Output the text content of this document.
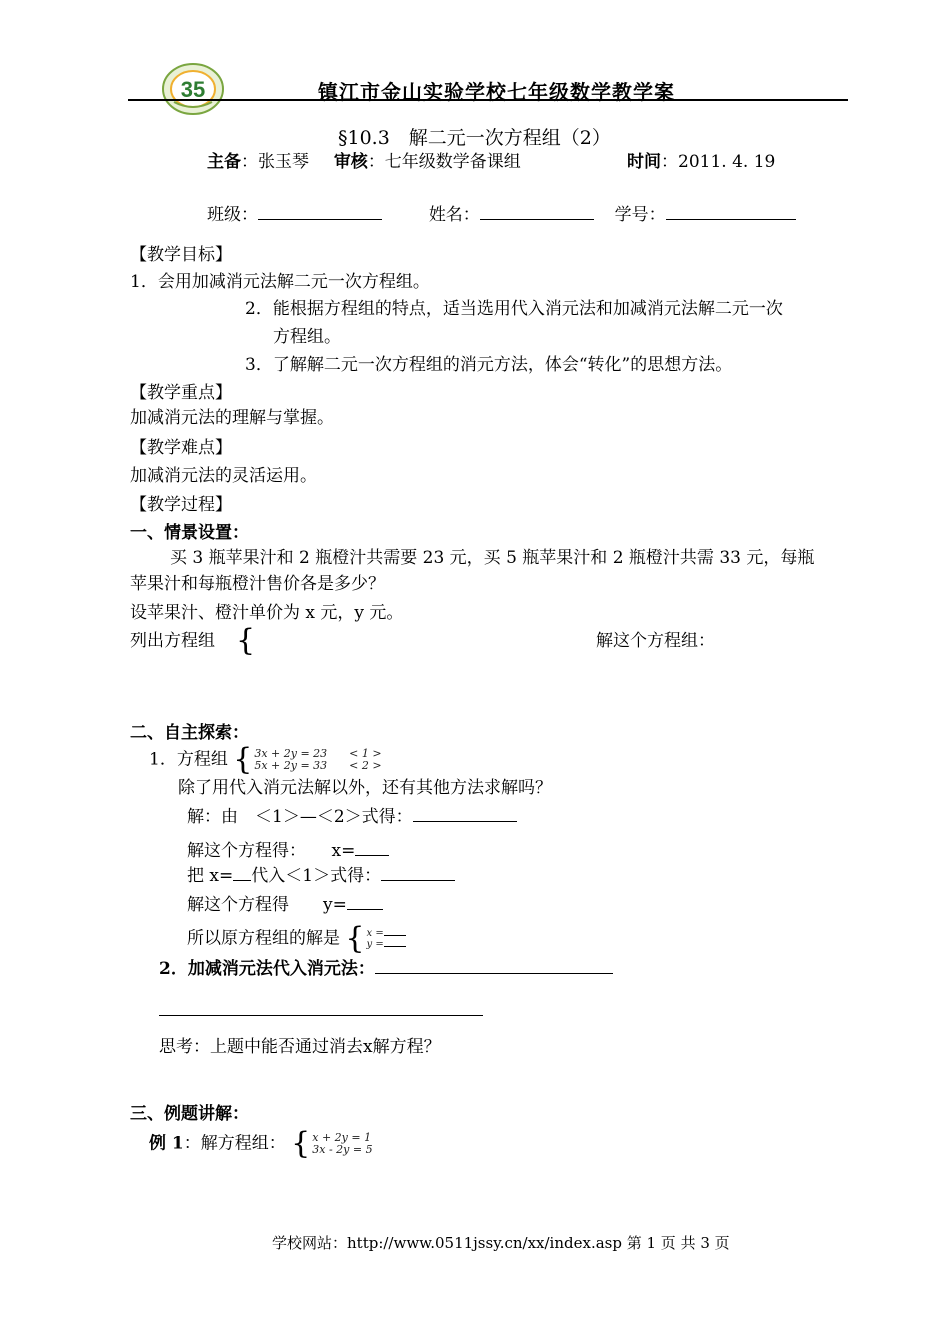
35	镇江市金山实验学校七年级数学教学案
§10.3　解二元一次方程组（2）
主备：张玉琴 审核：七年级数学备课组	时间：2011. 4. 19
班级：	姓名：	学号：
【教学目标】
1．会用加减消元法解二元一次方程组。
2．能根据方程组的特点，适当选用代入消元法和加减消元法解二元一次
方程组。
3．了解解二元一次方程组的消元方法，体会“转化”的思想方法。
【教学重点】
加减消元法的理解与掌握。
【教学难点】
加减消元法的灵活运用。
【教学过程】
一、情景设置：
买 3 瓶苹果汁和 2 瓶橙汁共需要 23 元，买 5 瓶苹果汁和 2 瓶橙汁共需 33 元，每瓶
苹果汁和每瓶橙汁售价各是多少？
设苹果汁、橙汁单价为 x 元，y 元。
列出方程组 {	解这个方程组：
二、自主探索：
1．方程组 { 3x + 2y = 23　　< 1 >
5x + 2y = 33　　< 2 >
除了用代入消元法解以外，还有其他方法求解吗？
解：由　＜1＞—＜2＞式得：
解这个方程得：　　x=
把 x= 代入＜1＞式得：
解这个方程得　　y=
所以原方程组的解是 { x =
y =
2．加减消元法代入消元法：
思考：上题中能否通过消去x解方程？
三、例题讲解：
例 1：解方程组： { x + 2y = 1
3x - 2y = 5
学校网站：http://www.0511jssy.cn/xx/index.asp 第 1 页 共 3 页
